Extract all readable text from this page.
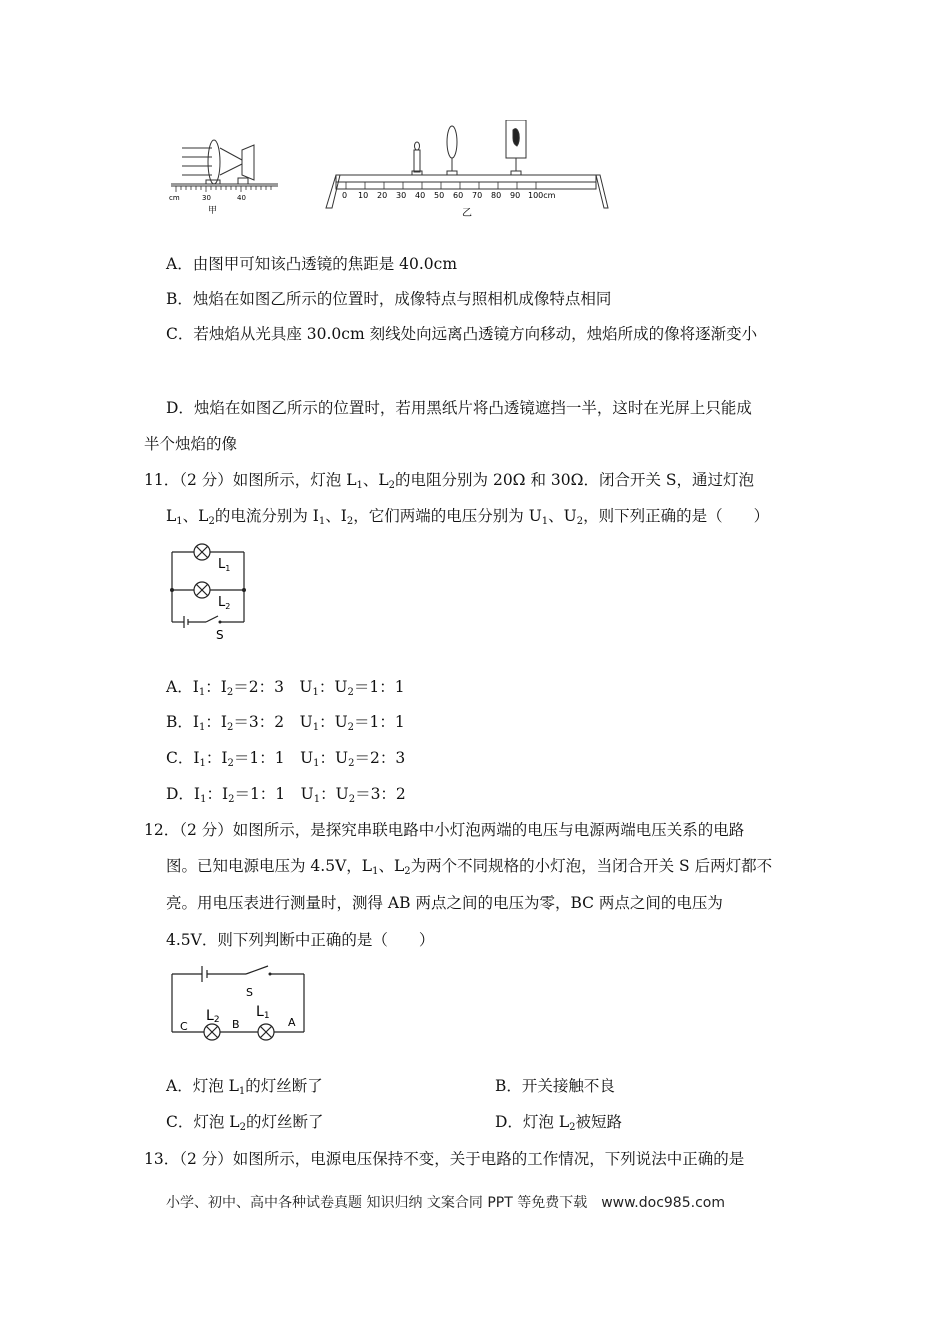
cm	30	40
甲
0 10 20 30 40 50 60 70 80 90 100cm
乙
A．由图甲可知该凸透镜的焦距是 40.0cm
B．烛焰在如图乙所示的位置时，成像特点与照相机成像特点相同
C．若烛焰从光具座 30.0cm 刻线处向远离凸透镜方向移动，烛焰所成的像将逐渐变小
D．烛焰在如图乙所示的位置时，若用黑纸片将凸透镜遮挡一半，这时在光屏上只能成
半个烛焰的像
11．（2 分）如图所示，灯泡 $L_1$、$L_2$的电阻分别为 20Ω 和 30Ω．闭合开关 S，通过灯泡
$L_1$、$L_2$的电流分别为 $I_1$、$I_2$，它们两端的电压分别为 $U_1$、$U_2$，则下列正确的是（　　）
$L_1$
$L_2$
S
A．$I_1$：$I_2=2$：3　$U_1$：$U_2=1$：1
B．$I_1$：$I_2=3$：2　$U_1$：$U_2=1$：1
C．$I_1$：$I_2=1$：1　$U_1$：$U_2=2$：3
D．$I_1$：$I_2=1$：1　$U_1$：$U_2=3$：2
12．（2 分）如图所示，是探究串联电路中小灯泡两端的电压与电源两端电压关系的电路
图。已知电源电压为 4.5V，$L_1$、$L_2$为两个不同规格的小灯泡，当闭合开关 S 后两灯都不
亮。用电压表进行测量时，测得 AB 两点之间的电压为零，BC 两点之间的电压为
4.5V．则下列判断中正确的是（　　）
S
L2	L1
C	B	A
A．灯泡 $L_1$的灯丝断了	B．开关接触不良
C．灯泡 $L_2$的灯丝断了	D．灯泡 $L_2$被短路
13．（2 分）如图所示，电源电压保持不变，关于电路的工作情况，下列说法中正确的是
小学、初中、高中各种试卷真题 知识归纳 文案合同 PPT 等免费下载　www.doc985.com
